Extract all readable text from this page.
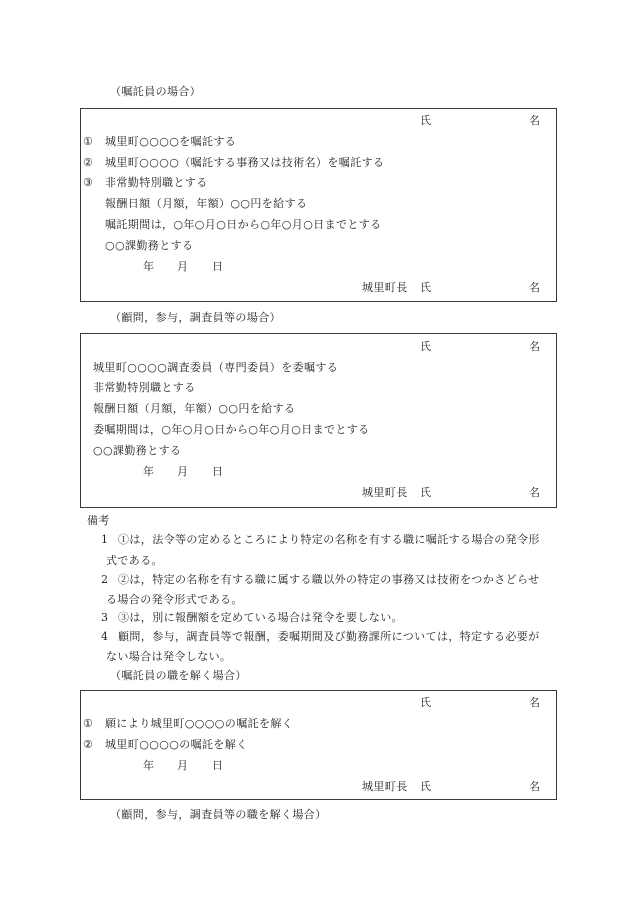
（嘱託員の場合）
氏	名
① 城里町○○○○を嘱託する
② 城里町○○○○（嘱託する事務又は技術名）を嘱託する
③ 非常勤特別職とする
報酬日額（月額，年額）○○円を給する
嘱託期間は，○年○月○日から○年○月○日までとする
○○課勤務とする
年 月 日
城里町長 氏	名
（顧問，参与，調査員等の場合）
氏	名
城里町○○○○調査委員（専門委員）を委嘱する
非常勤特別職とする
報酬日額（月額，年額）○○円を給する
委嘱期間は，○年○月○日から○年○月○日までとする
○○課勤務とする
年 月 日
城里町長 氏	名
備考
1 ①は，法令等の定めるところにより特定の名称を有する職に嘱託する場合の発令形
式である。
2 ②は，特定の名称を有する職に属する職以外の特定の事務又は技術をつかさどらせ
る場合の発令形式である。
3 ③は，別に報酬額を定めている場合は発令を要しない。
4 顧問，参与，調査員等で報酬，委嘱期間及び勤務課所については，特定する必要が
ない場合は発令しない。
（嘱託員の職を解く場合）
氏	名
① 願により城里町○○○○の嘱託を解く
② 城里町○○○○の嘱託を解く
年 月 日
城里町長 氏	名
（顧問，参与，調査員等の職を解く場合）
